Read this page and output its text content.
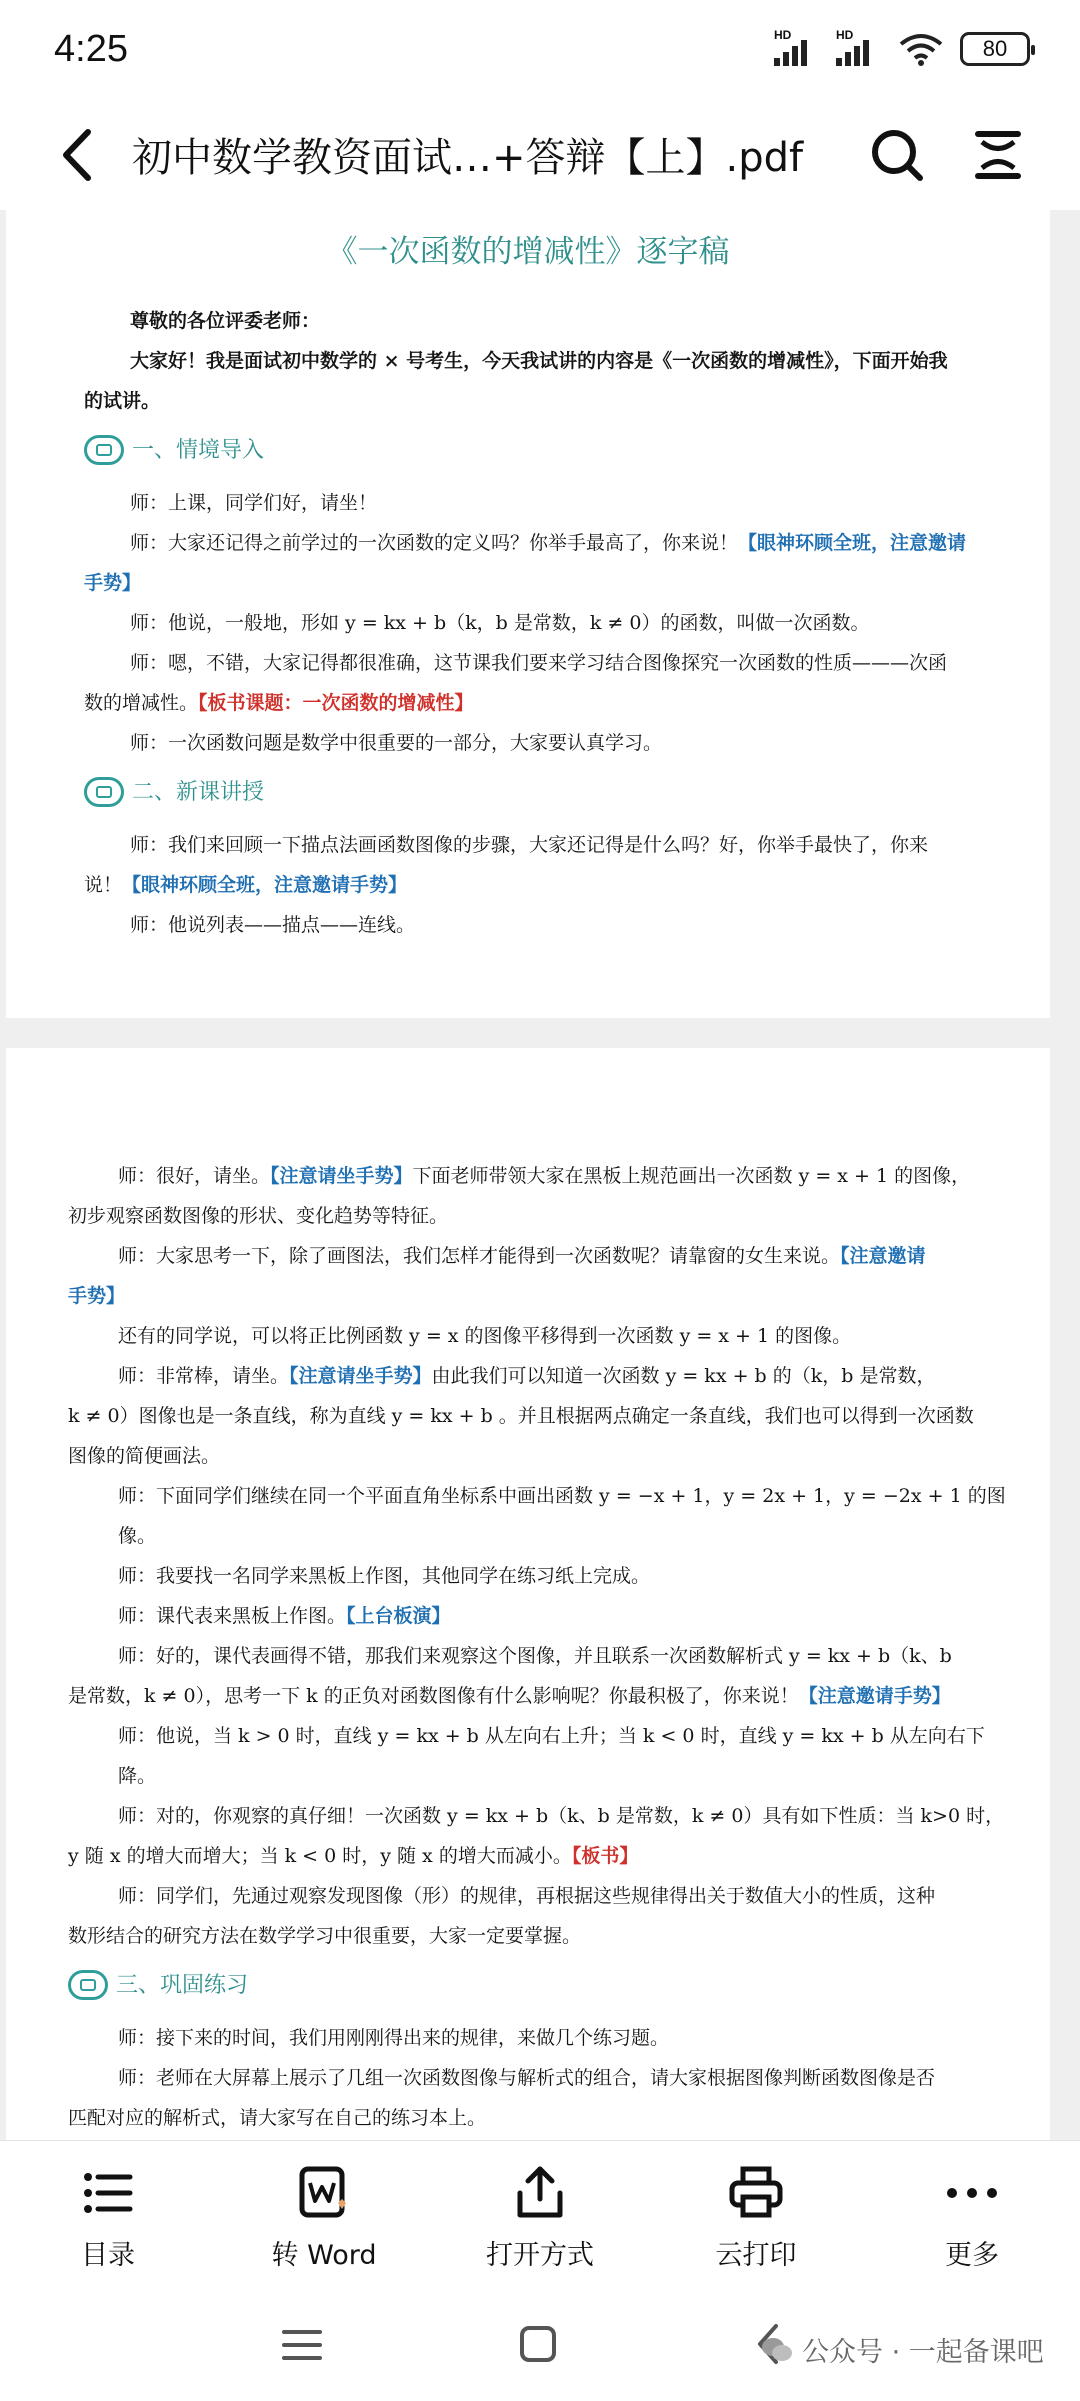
4:25	HD	HD
80
初中数学教资面试…+答辩【上】.pdf
《一次函数的增减性》逐字稿
尊敬的各位评委老师：
大家好！我是面试初中数学的 × 号考生，今天我试讲的内容是《一次函数的增减性》，下面开始我
的试讲。
一、情境导入
师：上课，同学们好，请坐！
师：大家还记得之前学过的一次函数的定义吗？你举手最高了，你来说！【眼神环顾全班，注意邀请
手势】
师：他说，一般地，形如 y = kx + b（k，b 是常数，k ≠ 0）的函数，叫做一次函数。
师：嗯，不错，大家记得都很准确，这节课我们要来学习结合图像探究一次函数的性质———次函
数的增减性。【板书课题：一次函数的增减性】
师：一次函数问题是数学中很重要的一部分，大家要认真学习。
二、新课讲授
师：我们来回顾一下描点法画函数图像的步骤，大家还记得是什么吗？好，你举手最快了，你来
说！【眼神环顾全班，注意邀请手势】
师：他说列表——描点——连线。
师：很好，请坐。【注意请坐手势】下面老师带领大家在黑板上规范画出一次函数 y = x + 1 的图像，
初步观察函数图像的形状、变化趋势等特征。
师：大家思考一下，除了画图法，我们怎样才能得到一次函数呢？请靠窗的女生来说。【注意邀请
手势】
还有的同学说，可以将正比例函数 y = x 的图像平移得到一次函数 y = x + 1 的图像。
师：非常棒，请坐。【注意请坐手势】由此我们可以知道一次函数 y = kx + b 的（k，b 是常数，
k ≠ 0）图像也是一条直线，称为直线 y = kx + b 。并且根据两点确定一条直线，我们也可以得到一次函数
图像的简便画法。
师：下面同学们继续在同一个平面直角坐标系中画出函数 y = −x + 1，y = 2x + 1，y = −2x + 1 的图像。
师：我要找一名同学来黑板上作图，其他同学在练习纸上完成。
师：课代表来黑板上作图。【上台板演】
师：好的，课代表画得不错，那我们来观察这个图像，并且联系一次函数解析式 y = kx + b（k、b
是常数，k ≠ 0），思考一下 k 的正负对函数图像有什么影响呢？你最积极了，你来说！【注意邀请手势】
师：他说，当 k > 0 时，直线 y = kx + b 从左向右上升；当 k < 0 时，直线 y = kx + b 从左向右下降。
师：对的，你观察的真仔细！一次函数 y = kx + b（k、b 是常数，k ≠ 0）具有如下性质：当 k>0 时，
y 随 x 的增大而增大；当 k < 0 时，y 随 x 的增大而减小。【板书】
师：同学们，先通过观察发现图像（形）的规律，再根据这些规律得出关于数值大小的性质，这种
数形结合的研究方法在数学学习中很重要，大家一定要掌握。
三、巩固练习
师：接下来的时间，我们用刚刚得出来的规律，来做几个练习题。
师：老师在大屏幕上展示了几组一次函数图像与解析式的组合，请大家根据图像判断函数图像是否
匹配对应的解析式，请大家写在自己的练习本上。
目录	转 Word	打开方式	云打印	更多
公众号 · 一起备课吧
